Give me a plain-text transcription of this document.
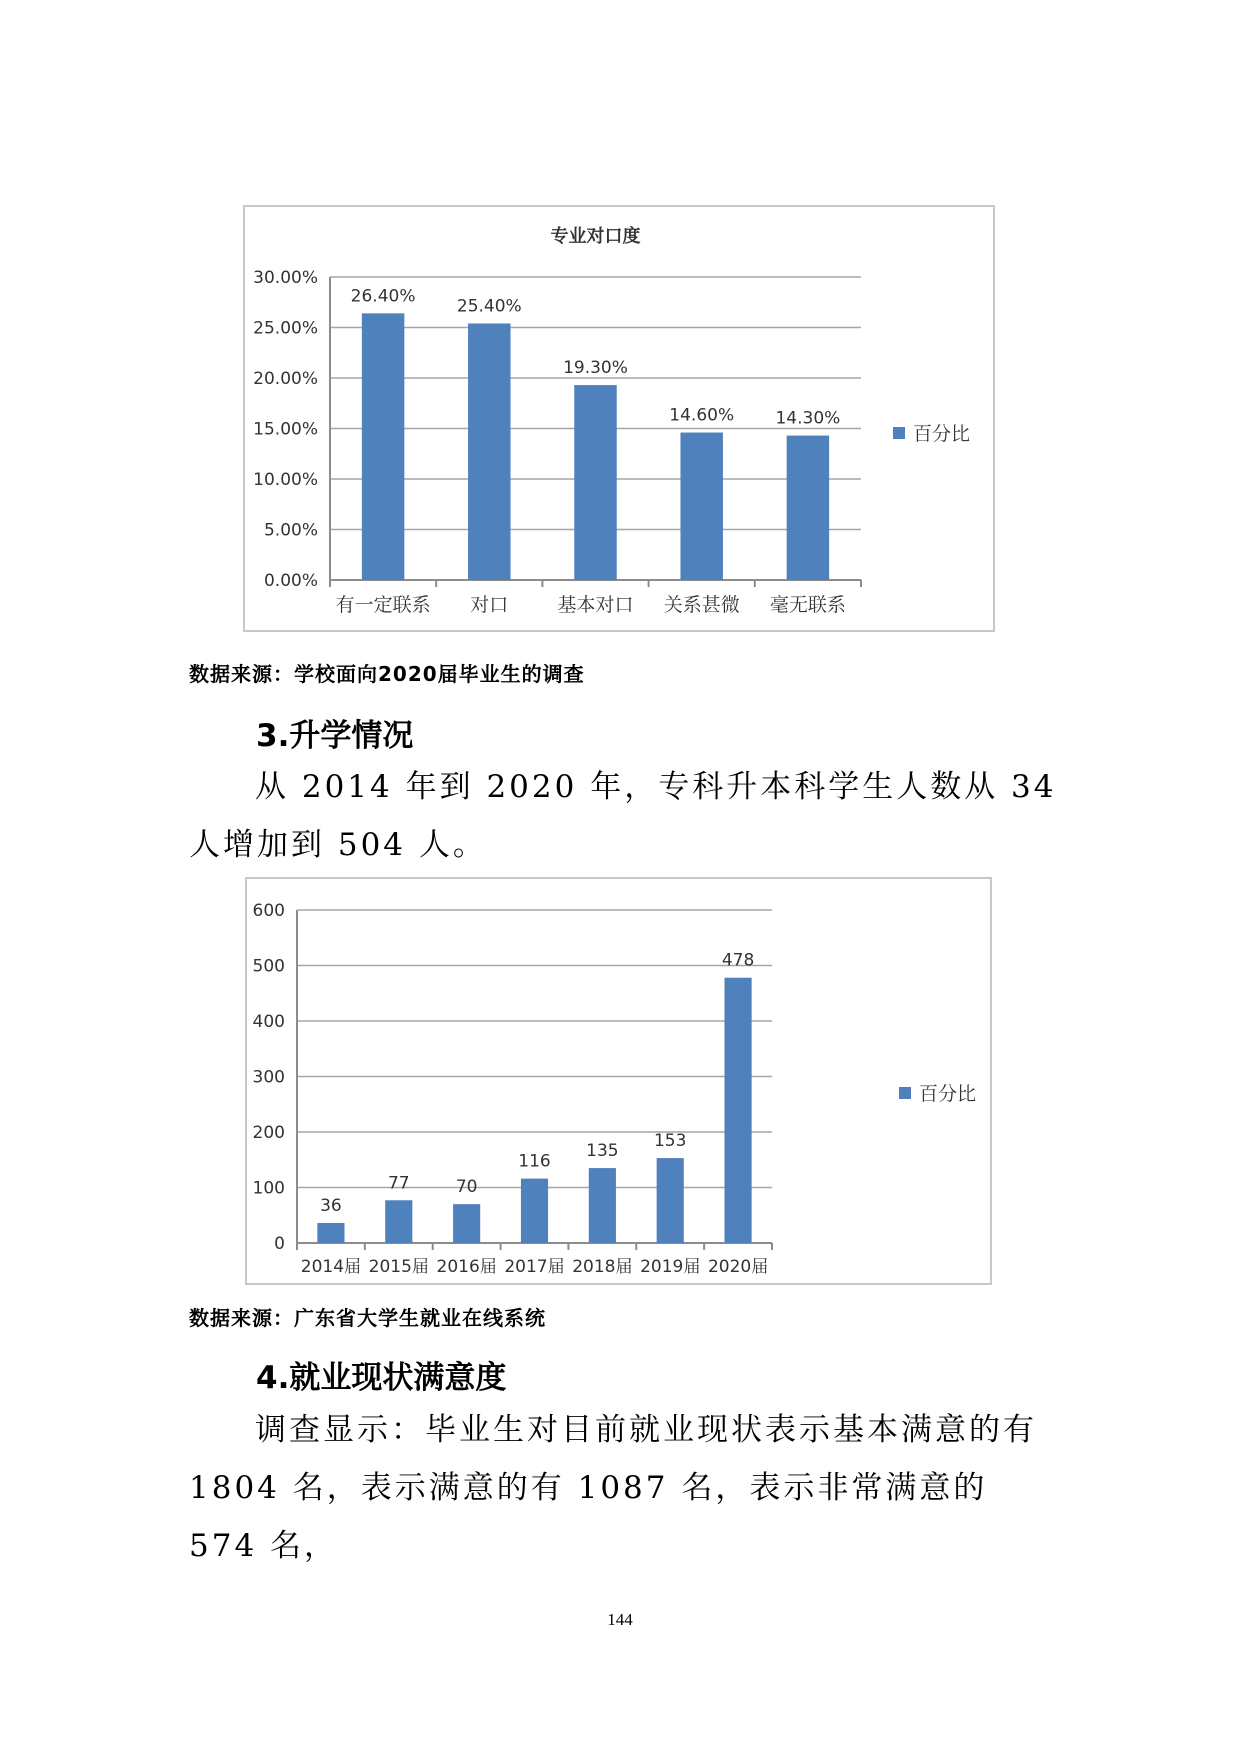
专业对口度
0.00%
5.00%
10.00%
15.00%
20.00%
25.00%
30.00%
26.40%
有一定联系
25.40%
对口
19.30%
基本对口
14.60%
关系甚微
14.30%
毫无联系
百分比
数据来源：学校面向2020届毕业生的调查
3.升学情况
从 2014 年到 2020 年，专科升本科学生人数从 34 人增加到 504 人。
0
100
200
300
400
500
600
36
2014届
77
2015届
70
2016届
116
2017届
135
2018届
153
2019届
478
2020届
百分比
数据来源：广东省大学生就业在线系统
4.就业现状满意度
调查显示：毕业生对目前就业现状表示基本满意的有 1804 名，表示满意的有 1087 名，表示非常满意的 574 名，
144
